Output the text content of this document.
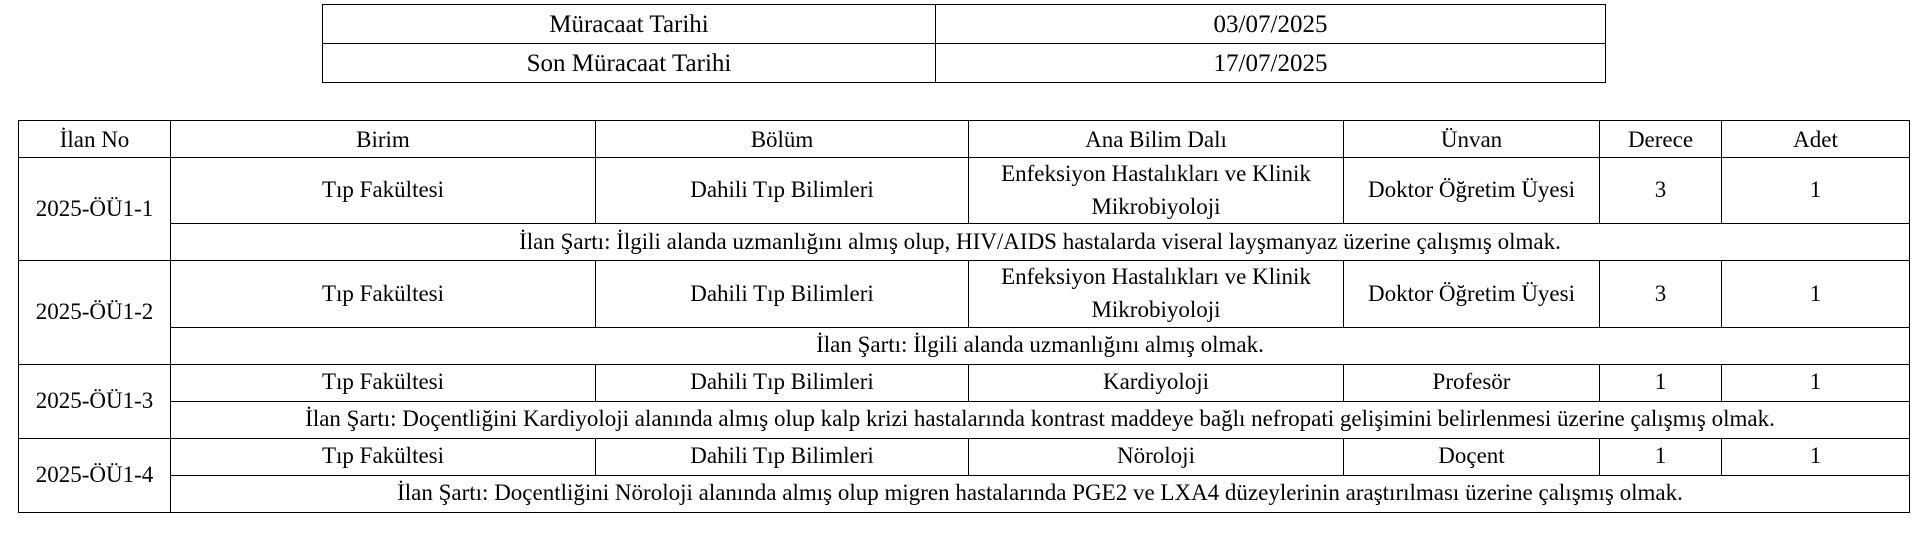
Müracaat Tarihi	03/07/2025
Son Müracaat Tarihi	17/07/2025
İlan No	Birim	Bölüm	Ana Bilim Dalı	Ünvan	Derece	Adet
2025-ÖÜ1-1	Tıp Fakültesi	Dahili Tıp Bilimleri	Enfeksiyon Hastalıkları ve Klinik Mikrobiyoloji	Doktor Öğretim Üyesi	3	1
	İlan Şartı: İlgili alanda uzmanlığını almış olup, HIV/AIDS hastalarda viseral layşmanyaz üzerine çalışmış olmak.					
2025-ÖÜ1-2	Tıp Fakültesi	Dahili Tıp Bilimleri	Enfeksiyon Hastalıkları ve Klinik Mikrobiyoloji	Doktor Öğretim Üyesi	3	1
	İlan Şartı: İlgili alanda uzmanlığını almış olmak.					
2025-ÖÜ1-3	Tıp Fakültesi	Dahili Tıp Bilimleri	Kardiyoloji	Profesör	1	1
	İlan Şartı: Doçentliğini Kardiyoloji alanında almış olup kalp krizi hastalarında kontrast maddeye bağlı nefropati gelişimini belirlenmesi üzerine çalışmış olmak.					
2025-ÖÜ1-4	Tıp Fakültesi	Dahili Tıp Bilimleri	Nöroloji	Doçent	1	1
	İlan Şartı: Doçentliğini Nöroloji alanında almış olup migren hastalarında PGE2 ve LXA4 düzeylerinin araştırılması üzerine çalışmış olmak.					
